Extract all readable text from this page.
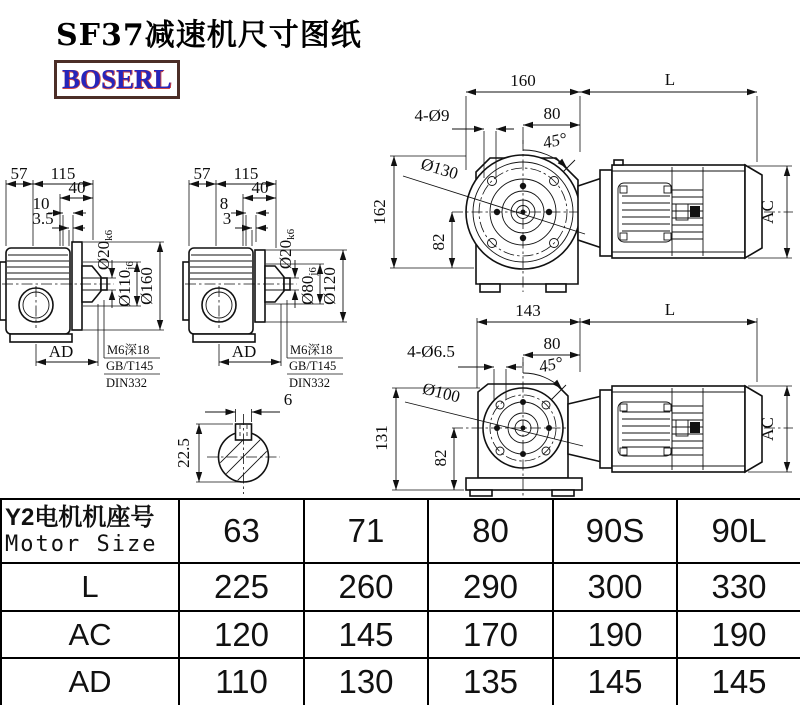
SF37减速机尺寸图纸
BOSERL
57 115
40
10
3.5
Ø20k6
Ø110j6
Ø160
AD	M6深18
GB/T145
DIN332
57 115
40
8
3
Ø20k6
Ø80j6 Ø120
AD	M6深18
GB/T145
DIN332
160	L
80
4-Ø9
45°
Ø130
162
82
AC
143	L
80
4-Ø6.5
45°
Ø100
131
82
AC
6
22.5
Y2电机机座号
Motor Size	63	71	80	90S	90L
L	225	260	290	300	330
AC	120	145	170	190	190
AD	110	130	135	145	145
